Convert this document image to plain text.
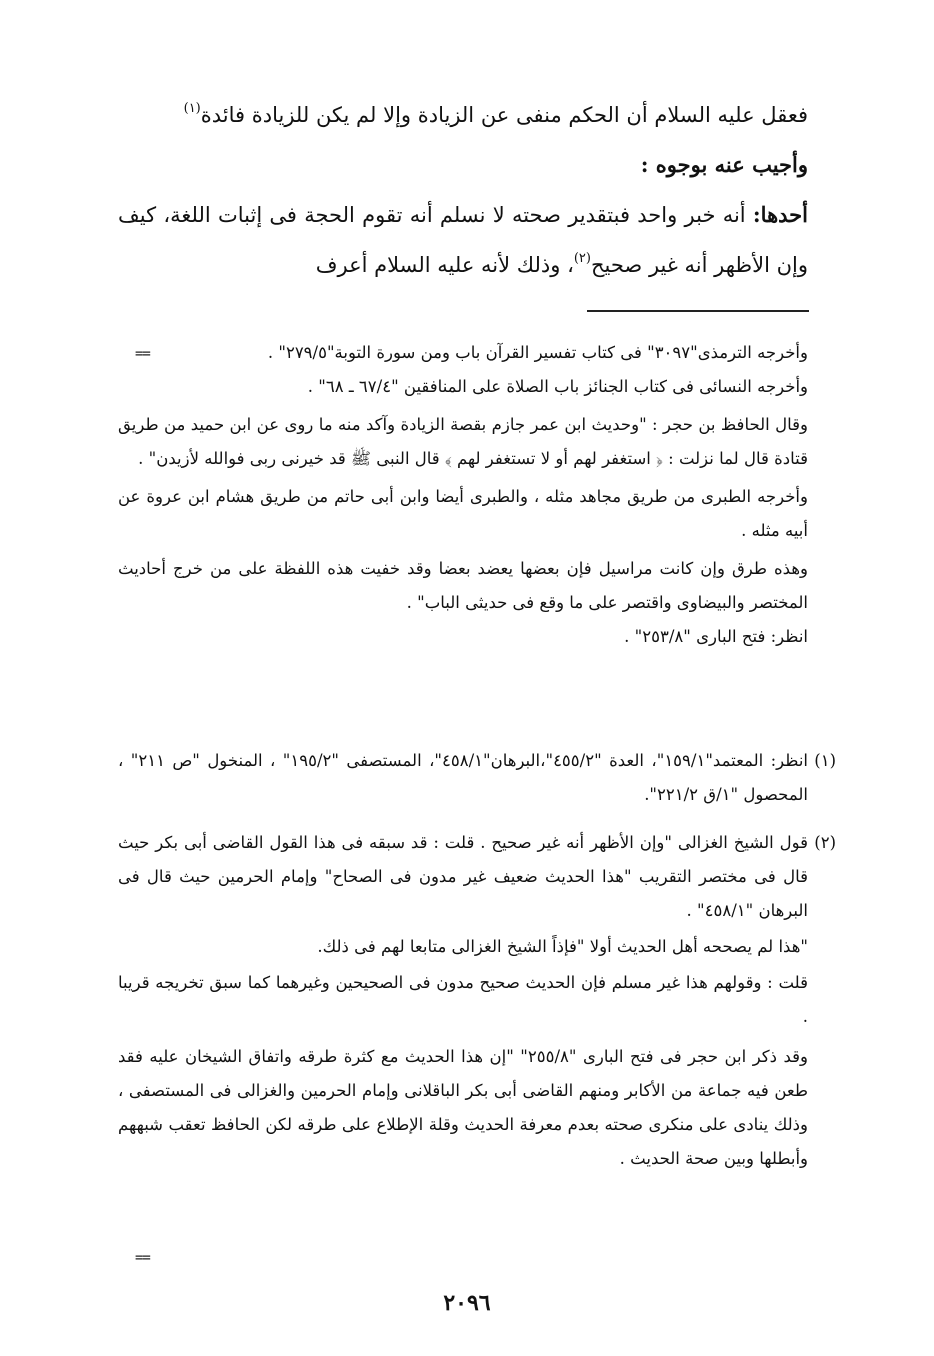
فعقل عليه السلام أن الحكم منفى عن الزيادة وإلا لم يكن للزيادة فائدة$^{(١)}$

وأجيب عنه بوجوه :

أحدها: أنه خبر واحد فبتقدير صحته لا نسلم أنه تقوم الحجة فى إثبات اللغة، كيف وإن الأظهر أنه غير صحيح$^{(٢)}$، وذلك لأنه عليه السلام أعرف

==	وأخرجه الترمذى"٣٠٩٧" فى كتاب تفسير القرآن باب ومن سورة التوبة"٢٧٩/٥" .

وأخرجه النسائى فى كتاب الجنائز باب الصلاة على المنافقين "٦٧/٤ ـ ٦٨" .

وقال الحافظ بن حجر : "وحديث ابن عمر جازم بقصة الزيادة وآكد منه ما روى عن ابن حميد من طريق قتادة قال لما نزلت : ﴿ استغفر لهم أو لا تستغفر لهم ﴾ قال النبى ﷺ قد خيرنى ربى فوالله لأزيدن" .

وأخرجه الطبرى من طريق مجاهد مثله ، والطبرى أيضا وابن أبى حاتم من طريق هشام ابن عروة عن أبيه مثله .

وهذه طرق وإن كانت مراسيل فإن بعضها يعضد بعضا وقد خفيت هذه اللفظة على من خرج أحاديث المختصر والبيضاوى واقتصر على ما وقع فى حديثى الباب" .

انظر: فتح البارى "٢٥٣/٨" .

(١)

انظر: المعتمد"١٥٩/١"، العدة "٤٥٥/٢"،البرهان"٤٥٨/١"، المستصفى "١٩٥/٢" ، المنخول "ص ٢١١" ، المحصول "١/ق ٢٢١/٢".

(٢)

قول الشيخ الغزالى "وإن الأظهر أنه غير صحيح . قلت : قد سبقه فى هذا القول القاضى أبى بكر حيث قال فى مختصر التقريب "هذا الحديث ضعيف غير مدون فى الصحاح" وإمام الحرمين حيث قال فى البرهان "٤٥٨/١" .

"هذا لم يصححه أهل الحديث أولا "فإذاً الشيخ الغزالى متابعا لهم فى ذلك.

قلت : وقولهم هذا غير مسلم فإن الحديث صحيح مدون فى الصحيحين وغيرهما كما سبق تخريجه قريبا .

وقد ذكر ابن حجر فى فتح البارى "٢٥٥/٨" "إن هذا الحديث مع كثرة طرقه واتفاق الشيخان عليه فقد طعن فيه جماعة من الأكابر ومنهم القاضى أبى بكر الباقلانى وإمام الحرمين والغزالى فى المستصفى ، وذلك ينادى على منكرى صحته بعدم معرفة الحديث وقلة الإطلاع على طرقه لكن الحافظ تعقب شبههم وأبطلها وبين صحة الحديث .

==
٢٠٩٦
